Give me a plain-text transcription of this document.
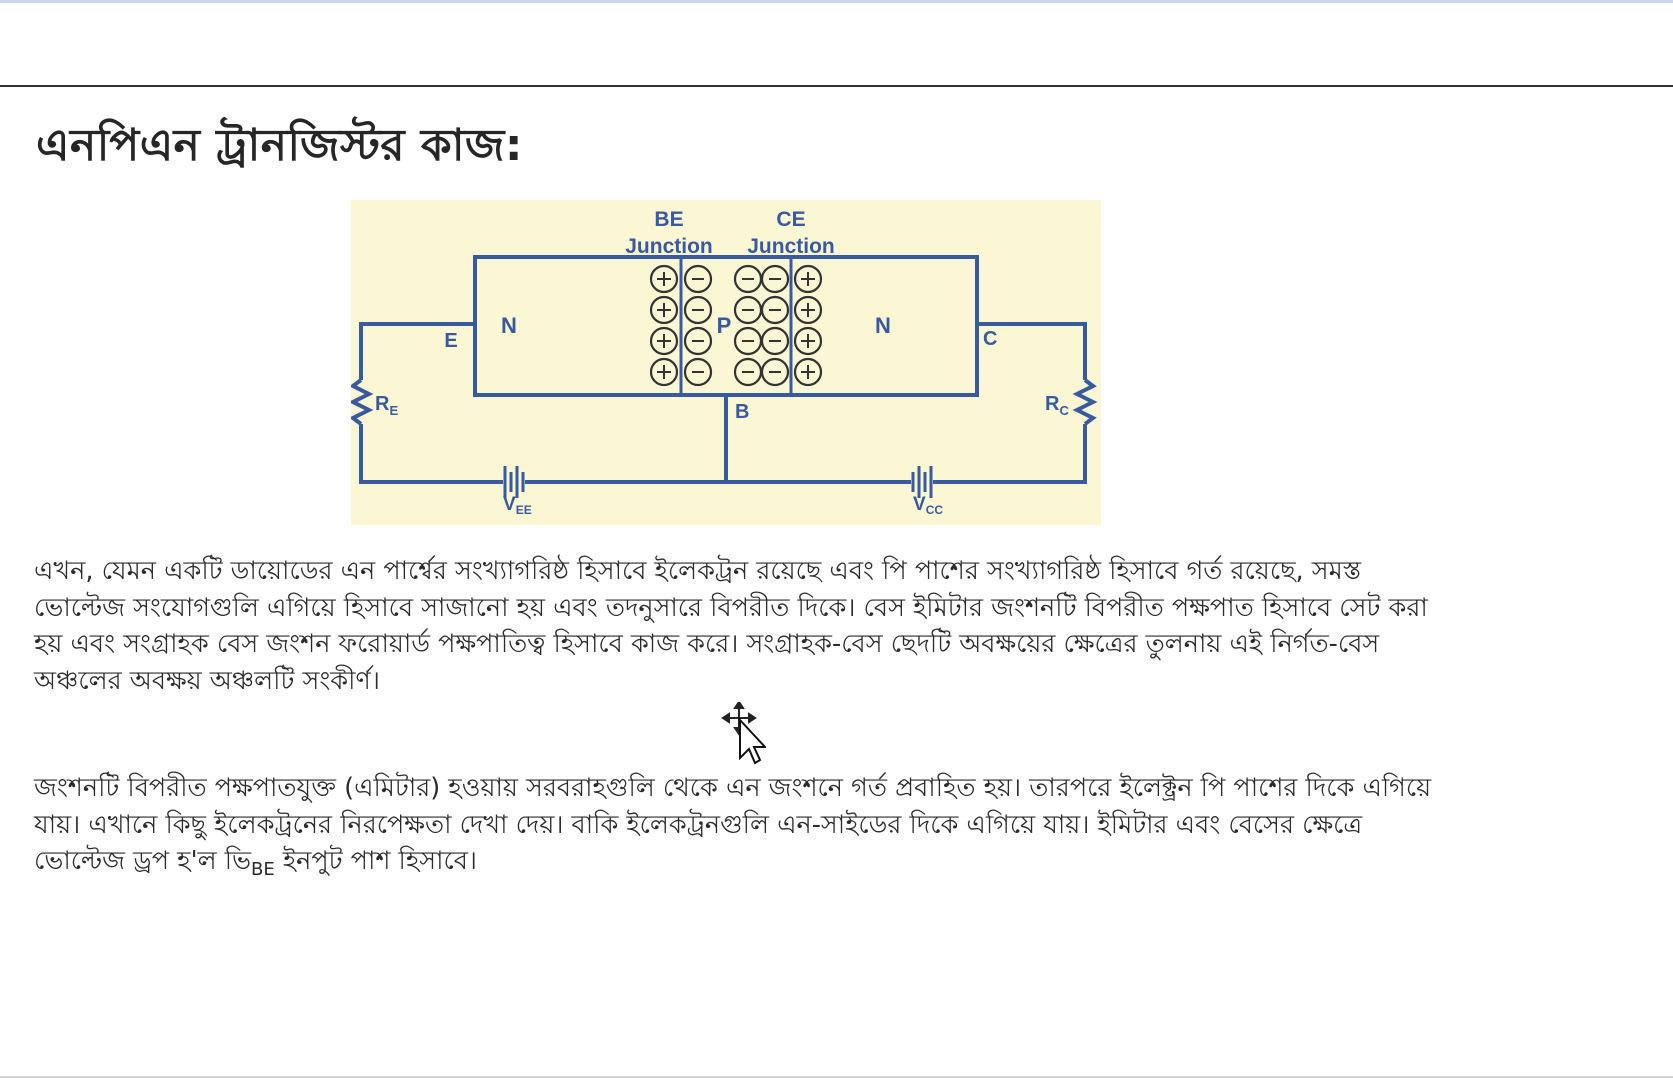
এনপিএন ট্রানজিস্টর কাজ:
BE
Junction
CE
Junction
N	P	N
E
$R_E$
$V_{EE}$
B
$V_{CC}$
C
$R_C$

এখন, যেমন একটি ডায়োডের এন পার্শ্বের সংখ্যাগরিষ্ঠ হিসাবে ইলেকট্রন রয়েছে এবং পি পাশের সংখ্যাগরিষ্ঠ হিসাবে গর্ত রয়েছে, সমস্ত ভোল্টেজ সংযোগগুলি এগিয়ে হিসাবে সাজানো হয় এবং তদনুসারে বিপরীত দিকে। বেস ইমিটার জংশনটি বিপরীত পক্ষপাত হিসাবে সেট করা হয় এবং সংগ্রাহক বেস জংশন ফরোয়ার্ড পক্ষপাতিত্ব হিসাবে কাজ করে। সংগ্রাহক-বেস ছেদটি অবক্ষয়ের ক্ষেত্রের তুলনায় এই নির্গত-বেস অঞ্চলের অবক্ষয় অঞ্চলটি সংকীর্ণ।

জংশনটি বিপরীত পক্ষপাতযুক্ত (এমিটার) হওয়ায় সরবরাহগুলি থেকে এন জংশনে গর্ত প্রবাহিত হয়। তারপরে ইলেক্ট্রন পি পাশের দিকে এগিয়ে যায়। এখানে কিছু ইলেকট্রনের নিরপেক্ষতা দেখা দেয়। বাকি ইলেকট্রনগুলি এন-সাইডের দিকে এগিয়ে যায়। ইমিটার এবং বেসের ক্ষেত্রে ভোল্টেজ ড্রপ হ'ল $ভি_{BE}$ ইনপুট পাশ হিসাবে।
